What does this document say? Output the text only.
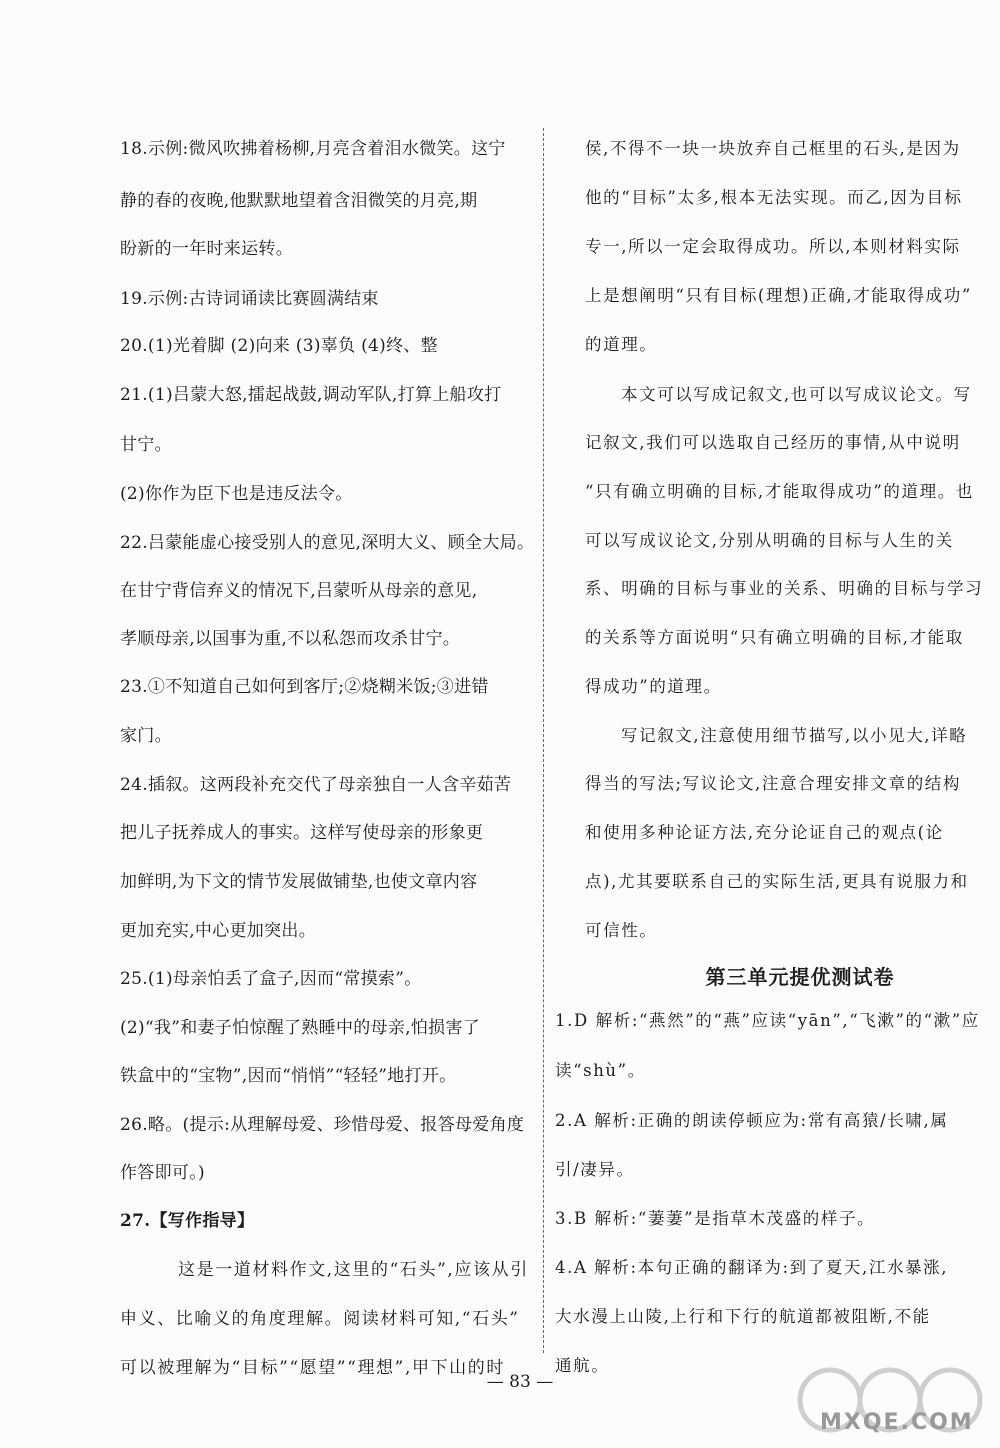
18.示例:微风吹拂着杨柳,月亮含着泪水微笑。这宁
静的春的夜晚,他默默地望着含泪微笑的月亮,期
盼新的一年时来运转。
19.示例:古诗词诵读比赛圆满结束
20.(1)光着脚 (2)向来 (3)辜负 (4)终、整
21.(1)吕蒙大怒,擂起战鼓,调动军队,打算上船攻打
甘宁。
(2)你作为臣下也是违反法令。
22.吕蒙能虚心接受别人的意见,深明大义、顾全大局。
在甘宁背信弃义的情况下,吕蒙听从母亲的意见,
孝顺母亲,以国事为重,不以私怨而攻杀甘宁。
23.①不知道自己如何到客厅;②烧糊米饭;③进错
家门。
24.插叙。这两段补充交代了母亲独自一人含辛茹苦
把儿子抚养成人的事实。这样写使母亲的形象更
加鲜明,为下文的情节发展做铺垫,也使文章内容
更加充实,中心更加突出。
25.(1)母亲怕丢了盒子,因而“常摸索”。
(2)“我”和妻子怕惊醒了熟睡中的母亲,怕损害了
铁盒中的“宝物”,因而“悄悄”“轻轻”地打开。
26.略。(提示:从理解母爱、珍惜母爱、报答母爱角度
作答即可。)
27.【写作指导】
这是一道材料作文,这里的“石头”,应该从引
申义、比喻义的角度理解。阅读材料可知,“石头”
可以被理解为“目标”“愿望”“理想”,甲下山的时
侯,不得不一块一块放弃自己框里的石头,是因为
他的“目标”太多,根本无法实现。而乙,因为目标
专一,所以一定会取得成功。所以,本则材料实际
上是想阐明“只有目标(理想)正确,才能取得成功”
的道理。
本文可以写成记叙文,也可以写成议论文。写
记叙文,我们可以选取自己经历的事情,从中说明
“只有确立明确的目标,才能取得成功”的道理。也
可以写成议论文,分别从明确的目标与人生的关
系、明确的目标与事业的关系、明确的目标与学习
的关系等方面说明“只有确立明确的目标,才能取
得成功”的道理。
写记叙文,注意使用细节描写,以小见大,详略
得当的写法;写议论文,注意合理安排文章的结构
和使用多种论证方法,充分论证自己的观点(论
点),尤其要联系自己的实际生活,更具有说服力和
可信性。
第三单元提优测试卷
1.D 解析:“燕然”的“燕”应读“yān”,“飞漱”的“漱”应
读“shù”。
2.A 解析:正确的朗读停顿应为:常有高猿/长啸,属
引/凄异。
3.B 解析:“萋萋”是指草木茂盛的样子。
4.A 解析:本句正确的翻译为:到了夏天,江水暴涨,
大水漫上山陵,上行和下行的航道都被阻断,不能
通航。
— 83 —
MXQE.COM
